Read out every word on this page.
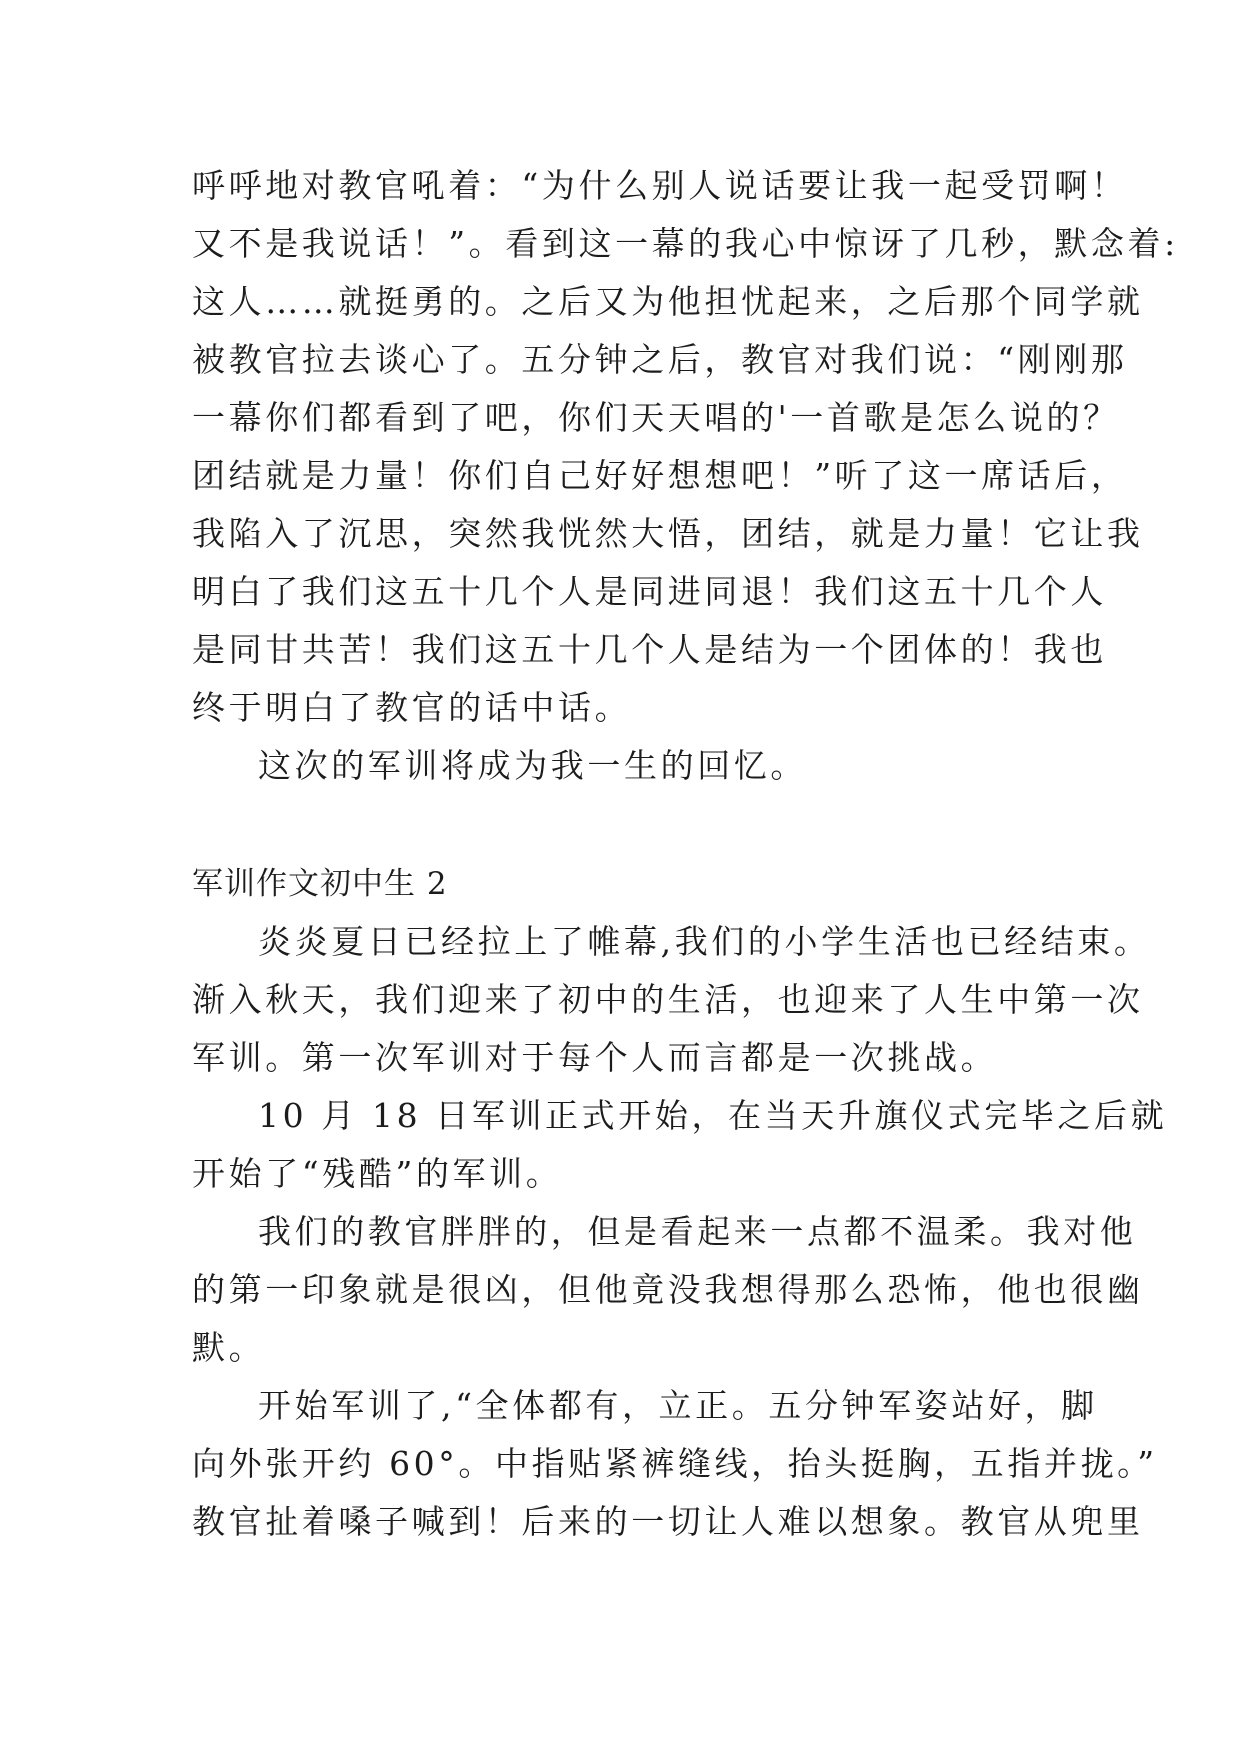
呼呼地对教官吼着：“为什么别人说话要让我一起受罚啊！
又不是我说话！”。看到这一幕的我心中惊讶了几秒，默念着:
这人……就挺勇的。之后又为他担忧起来，之后那个同学就
被教官拉去谈心了。五分钟之后，教官对我们说：“刚刚那
一幕你们都看到了吧，你们天天唱的'一首歌是怎么说的？
团结就是力量！你们自己好好想想吧！”听了这一席话后，
我陷入了沉思，突然我恍然大悟，团结，就是力量！它让我
明白了我们这五十几个人是同进同退！我们这五十几个人
是同甘共苦！我们这五十几个人是结为一个团体的！我也
终于明白了教官的话中话。
这次的军训将成为我一生的回忆。
军训作文初中生 2
炎炎夏日已经拉上了帷幕,我们的小学生活也已经结束。
渐入秋天，我们迎来了初中的生活，也迎来了人生中第一次
军训。第一次军训对于每个人而言都是一次挑战。
10 月 18 日军训正式开始，在当天升旗仪式完毕之后就
开始了“残酷”的军训。
我们的教官胖胖的，但是看起来一点都不温柔。我对他
的第一印象就是很凶，但他竟没我想得那么恐怖，他也很幽
默。
开始军训了,“全体都有，立正。五分钟军姿站好，脚
向外张开约 60°。中指贴紧裤缝线，抬头挺胸，五指并拢。”
教官扯着嗓子喊到！后来的一切让人难以想象。教官从兜里
